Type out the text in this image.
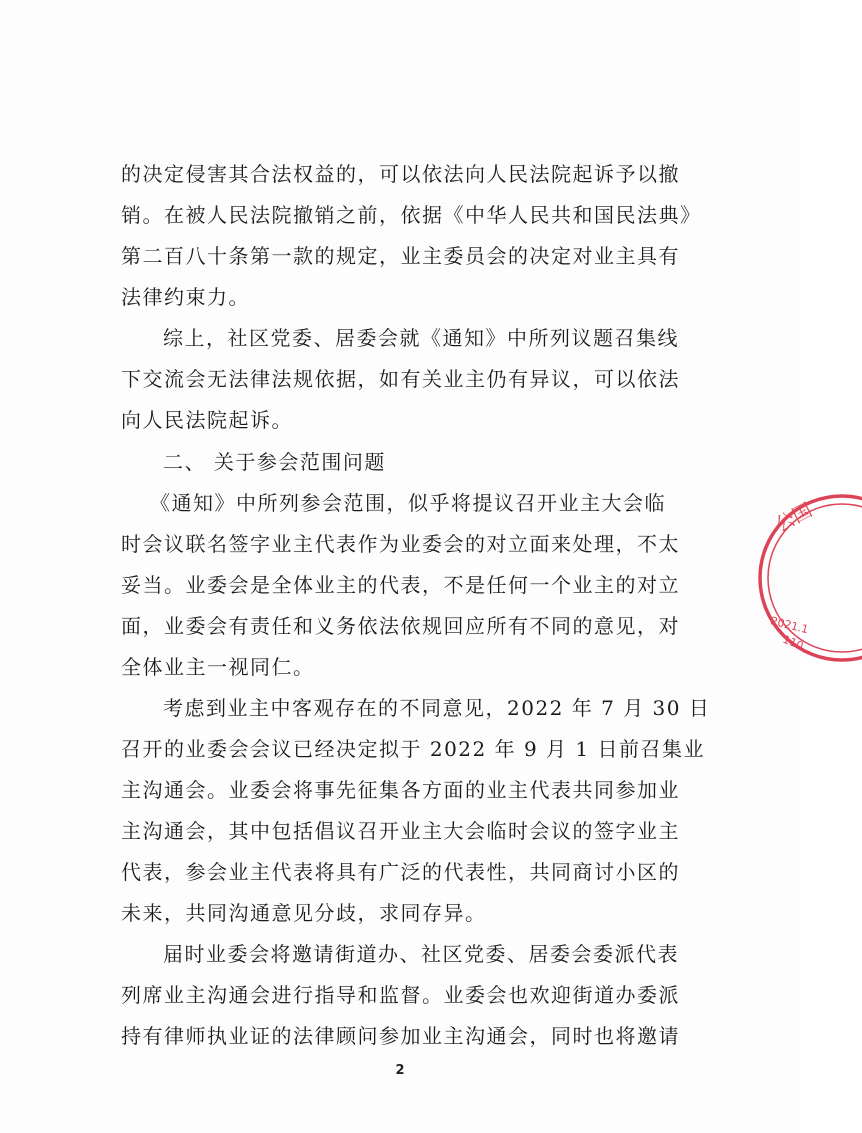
的决定侵害其合法权益的，可以依法向人民法院起诉予以撤
销。在被人民法院撤销之前，依据《中华人民共和国民法典》
第二百八十条第一款的规定，业主委员会的决定对业主具有
法律约束力。
综上，社区党委、居委会就《通知》中所列议题召集线
下交流会无法律法规依据，如有关业主仍有异议，可以依法
向人民法院起诉。
二、 关于参会范围问题
《通知》中所列参会范围，似乎将提议召开业主大会临
时会议联名签字业主代表作为业委会的对立面来处理，不太
妥当。业委会是全体业主的代表，不是任何一个业主的对立
面，业委会有责任和义务依法依规回应所有不同的意见，对
全体业主一视同仁。
考虑到业主中客观存在的不同意见，2022 年 7 月 30 日
召开的业委会会议已经决定拟于 2022 年 9 月 1 日前召集业
主沟通会。业委会将事先征集各方面的业主代表共同参加业
主沟通会，其中包括倡议召开业主大会临时会议的签字业主
代表，参会业主代表将具有广泛的代表性，共同商讨小区的
未来，共同沟通意见分歧，求同存异。
届时业委会将邀请街道办、社区党委、居委会委派代表
列席业主沟通会进行指导和监督。业委会也欢迎街道办委派
持有律师执业证的法律顾问参加业主沟通会，同时也将邀请
2
公国
2021.1
110
